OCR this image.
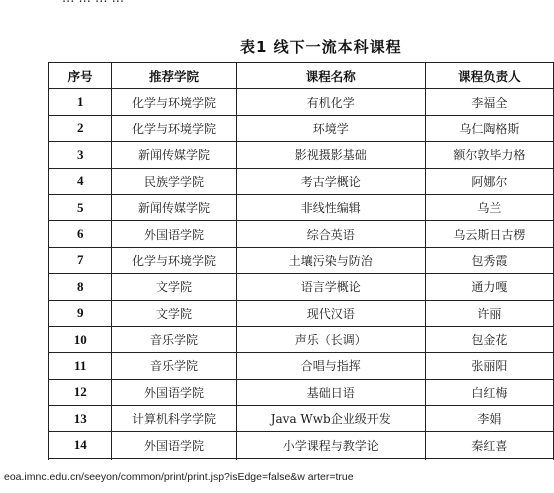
表1 线下一流本科课程
序号	推荐学院	课程名称	课程负责人
1	化学与环境学院	有机化学	李福全
2	化学与环境学院	环境学	乌仁陶格斯
3	新闻传媒学院	影视摄影基础	额尔敦毕力格
4	民族学学院	考古学概论	阿娜尔
5	新闻传媒学院	非线性编辑	乌兰
6	外国语学院	综合英语	乌云斯日古楞
7	化学与环境学院	土壤污染与防治	包秀霞
8	文学院	语言学概论	通力嘎
9	文学院	现代汉语	许丽
10	音乐学院	声乐（长调）	包金花
11	音乐学院	合唱与指挥	张丽阳
12	外国语学院	基础日语	白红梅
13	计算机科学学院	Java Wwb企业级开发	李娟
14	外国语学院	小学课程与教学论	秦红喜

eoa.imnc.edu.cn/seeyon/common/print/print.jsp?isEdge=false&w arter=true
